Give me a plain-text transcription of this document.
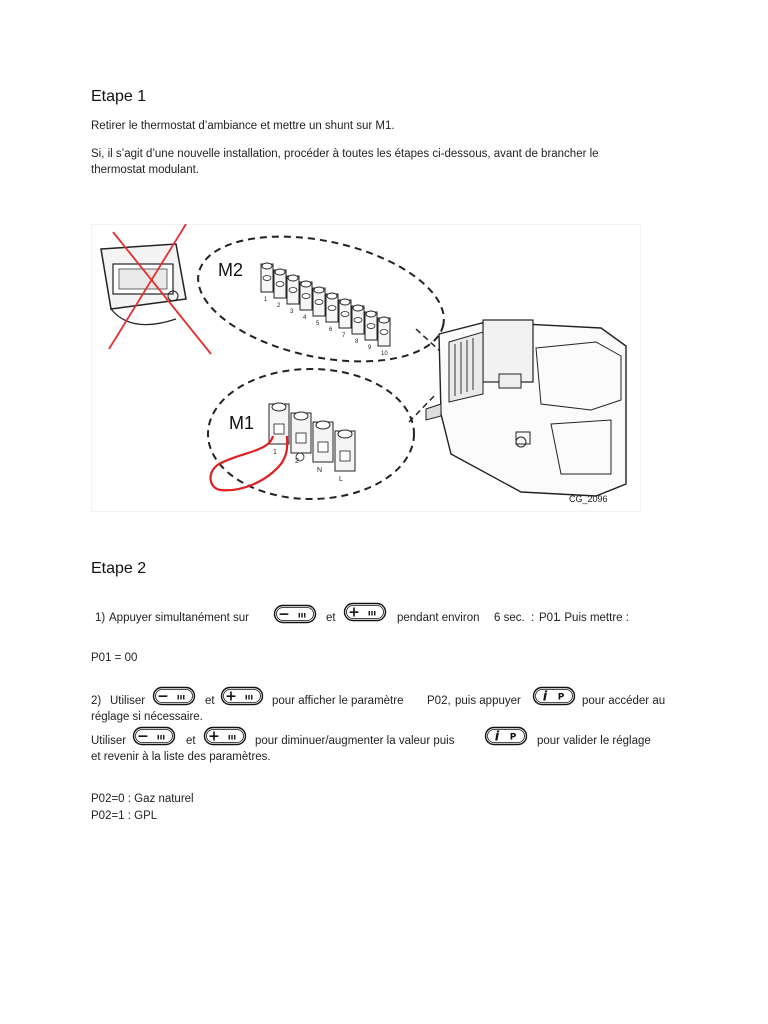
Etape 1
Retirer le thermostat d’ambiance et mettre un shunt sur M1.
Si, il s’agit d’une nouvelle installation, procéder à toutes les étapes ci-dessous, avant de brancher le
thermostat modulant.
M2
1
2
3
4
5
6
7
8
9
10
M1
1
2
N
L
CG_2096
Etape 2
1) Appuyer simultanément sur − ııı et + ııı pendant environ 6 sec. : P01
. Puis mettre :
P01 = 00
2) Utiliser − ııı et + ııı pour afficher le paramètre P02, puis appuyer i P pour accéder au
réglage si nécessaire.
Utiliser − ııı et + ııı pour diminuer/augmenter la valeur puis	i P pour valider le réglage
et revenir à la liste des paramètres.
P02=0 : Gaz naturel
P02=1 : GPL
